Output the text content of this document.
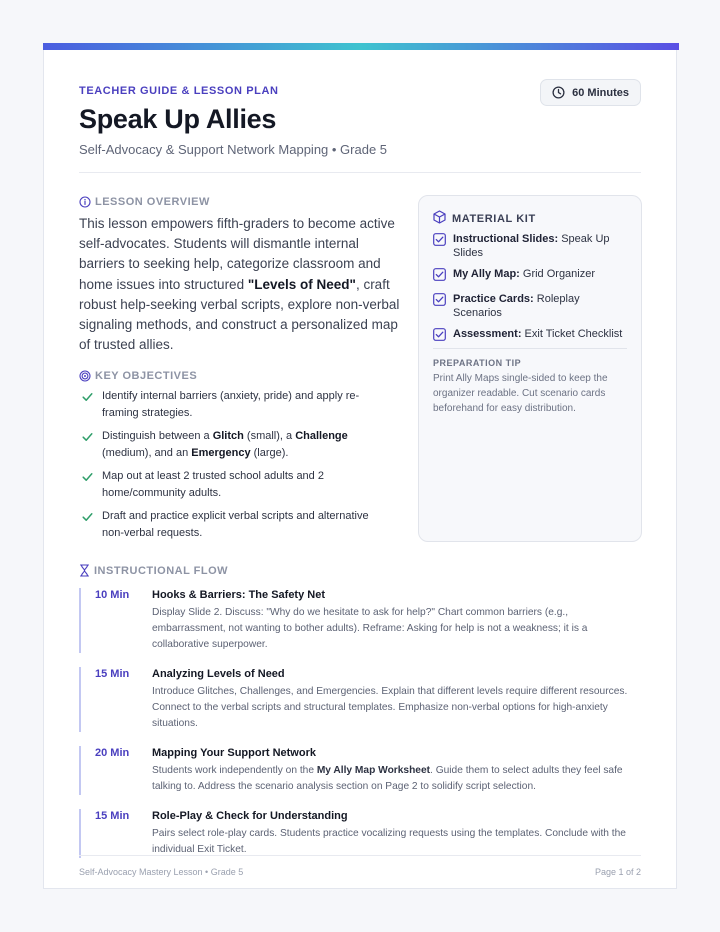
TEACHER GUIDE & LESSON PLAN	60 Minutes
Speak Up Allies
Self-Advocacy & Support Network Mapping • Grade 5
LESSON OVERVIEW

This lesson empowers fifth-graders to become active self-advocates. Students will dismantle internal barriers to seeking help, categorize classroom and home issues into structured "Levels of Need", craft robust help-seeking verbal scripts, explore non-verbal signaling methods, and construct a personalized map of trusted allies.

KEY OBJECTIVES
Identify internal barriers (anxiety, pride) and apply re-framing strategies.
Distinguish between a Glitch (small), a Challenge (medium), and an Emergency (large).
Map out at least 2 trusted school adults and 2 home/community adults.
Draft and practice explicit verbal scripts and alternative non-verbal requests.
MATERIAL KIT
Instructional Slides: Speak Up Slides
My Ally Map: Grid Organizer
Practice Cards: Roleplay Scenarios
Assessment: Exit Ticket Checklist
PREPARATION TIP
Print Ally Maps single-sided to keep the organizer readable. Cut scenario cards beforehand for easy distribution.
INSTRUCTIONAL FLOW
10 Min	Hooks & Barriers: The Safety Net
Display Slide 2. Discuss: "Why do we hesitate to ask for help?" Chart common barriers (e.g., embarrassment, not wanting to bother adults). Reframe: Asking for help is not a weakness; it is a collaborative superpower.
15 Min	Analyzing Levels of Need
Introduce Glitches, Challenges, and Emergencies. Explain that different levels require different resources. Connect to the verbal scripts and structural templates. Emphasize non-verbal options for high-anxiety situations.
20 Min	Mapping Your Support Network
Students work independently on the My Ally Map Worksheet. Guide them to select adults they feel safe talking to. Address the scenario analysis section on Page 2 to solidify script selection.
15 Min	Role-Play & Check for Understanding
Pairs select role-play cards. Students practice vocalizing requests using the templates. Conclude with the individual Exit Ticket.
Self-Advocacy Mastery Lesson • Grade 5	Page 1 of 2
